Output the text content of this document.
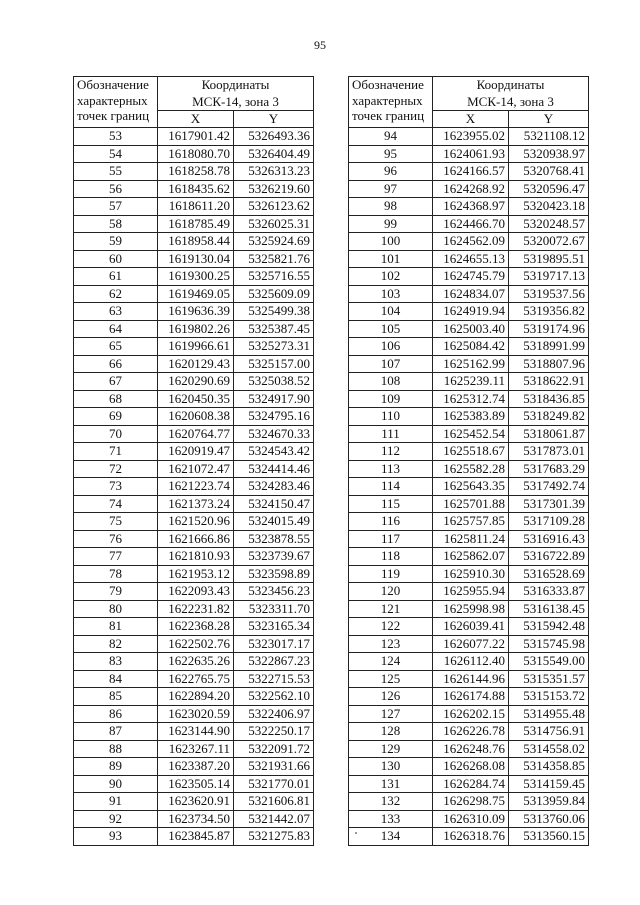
95
Обозначение
характерных
точек границ	Координаты
МСК-14, зона 3	

	X	Y
53	1617901.42	5326493.36
54	1618080.70	5326404.49
55	1618258.78	5326313.23
56	1618435.62	5326219.60
57	1618611.20	5326123.62
58	1618785.49	5326025.31
59	1618958.44	5325924.69
60	1619130.04	5325821.76
61	1619300.25	5325716.55
62	1619469.05	5325609.09
63	1619636.39	5325499.38
64	1619802.26	5325387.45
65	1619966.61	5325273.31
66	1620129.43	5325157.00
67	1620290.69	5325038.52
68	1620450.35	5324917.90
69	1620608.38	5324795.16
70	1620764.77	5324670.33
71	1620919.47	5324543.42
72	1621072.47	5324414.46
73	1621223.74	5324283.46
74	1621373.24	5324150.47
75	1621520.96	5324015.49
76	1621666.86	5323878.55
77	1621810.93	5323739.67
78	1621953.12	5323598.89
79	1622093.43	5323456.23
80	1622231.82	5323311.70
81	1622368.28	5323165.34
82	1622502.76	5323017.17
83	1622635.26	5322867.23
84	1622765.75	5322715.53
85	1622894.20	5322562.10
86	1623020.59	5322406.97
87	1623144.90	5322250.17
88	1623267.11	5322091.72
89	1623387.20	5321931.66
90	1623505.14	5321770.01
91	1623620.91	5321606.81
92	1623734.50	5321442.07
93	1623845.87	5321275.83
Обозначение
характерных
точек границ	Координаты
МСК-14, зона 3	

	X	Y
94	1623955.02	5321108.12
95	1624061.93	5320938.97
96	1624166.57	5320768.41
97	1624268.92	5320596.47
98	1624368.97	5320423.18
99	1624466.70	5320248.57
100	1624562.09	5320072.67
101	1624655.13	5319895.51
102	1624745.79	5319717.13
103	1624834.07	5319537.56
104	1624919.94	5319356.82
105	1625003.40	5319174.96
106	1625084.42	5318991.99
107	1625162.99	5318807.96
108	1625239.11	5318622.91
109	1625312.74	5318436.85
110	1625383.89	5318249.82
111	1625452.54	5318061.87
112	1625518.67	5317873.01
113	1625582.28	5317683.29
114	1625643.35	5317492.74
115	1625701.88	5317301.39
116	1625757.85	5317109.28
117	1625811.24	5316916.43
118	1625862.07	5316722.89
119	1625910.30	5316528.69
120	1625955.94	5316333.87
121	1625998.98	5316138.45
122	1626039.41	5315942.48
123	1626077.22	5315745.98
124	1626112.40	5315549.00
125	1626144.96	5315351.57
126	1626174.88	5315153.72
127	1626202.15	5314955.48
128	1626226.78	5314756.91
129	1626248.76	5314558.02
130	1626268.08	5314358.85
131	1626284.74	5314159.45
132	1626298.75	5313959.84
133	1626310.09	5313760.06
134	1626318.76	5313560.15
